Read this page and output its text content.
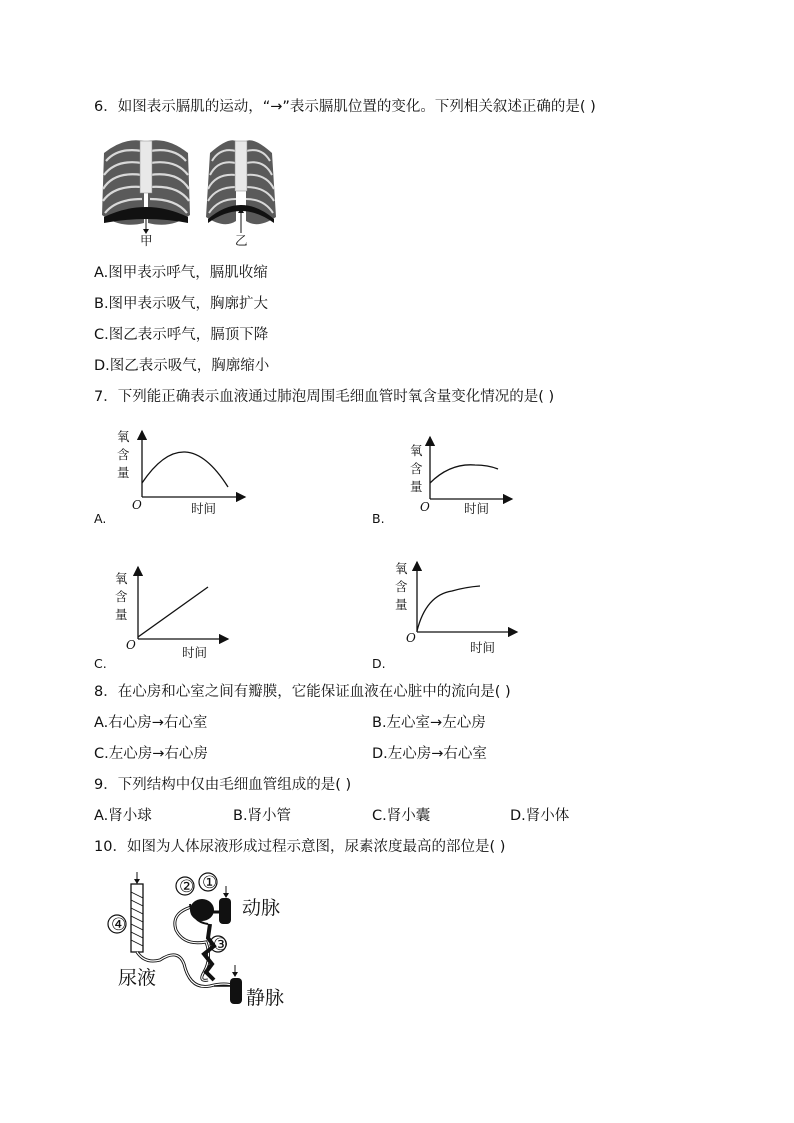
6．如图表示膈肌的运动，“→”表示膈肌位置的变化。下列相关叙述正确的是( )
甲	乙
A.图甲表示呼气，膈肌收缩
B.图甲表示吸气，胸廓扩大
C.图乙表示呼气，膈顶下降
D.图乙表示吸气，胸廓缩小
7．下列能正确表示血液通过肺泡周围毛细血管时氧含量变化情况的是( )
氧
含
量
O	时间
A.
氧
含
量
O	时间
B.
氧
含
量
O	时间
C.
氧
含
量
O
时间
D.
8．在心房和心室之间有瓣膜，它能保证血液在心脏中的流向是( )
A.右心房→右心室	B.左心室→左心房
C.左心房→右心房	D.左心房→右心室
9．下列结构中仅由毛细血管组成的是( )
A.肾小球	B.肾小管	C.肾小囊	D.肾小体
10．如图为人体尿液形成过程示意图，尿素浓度最高的部位是( )
④
② ①
③
动脉
静脉
尿液
